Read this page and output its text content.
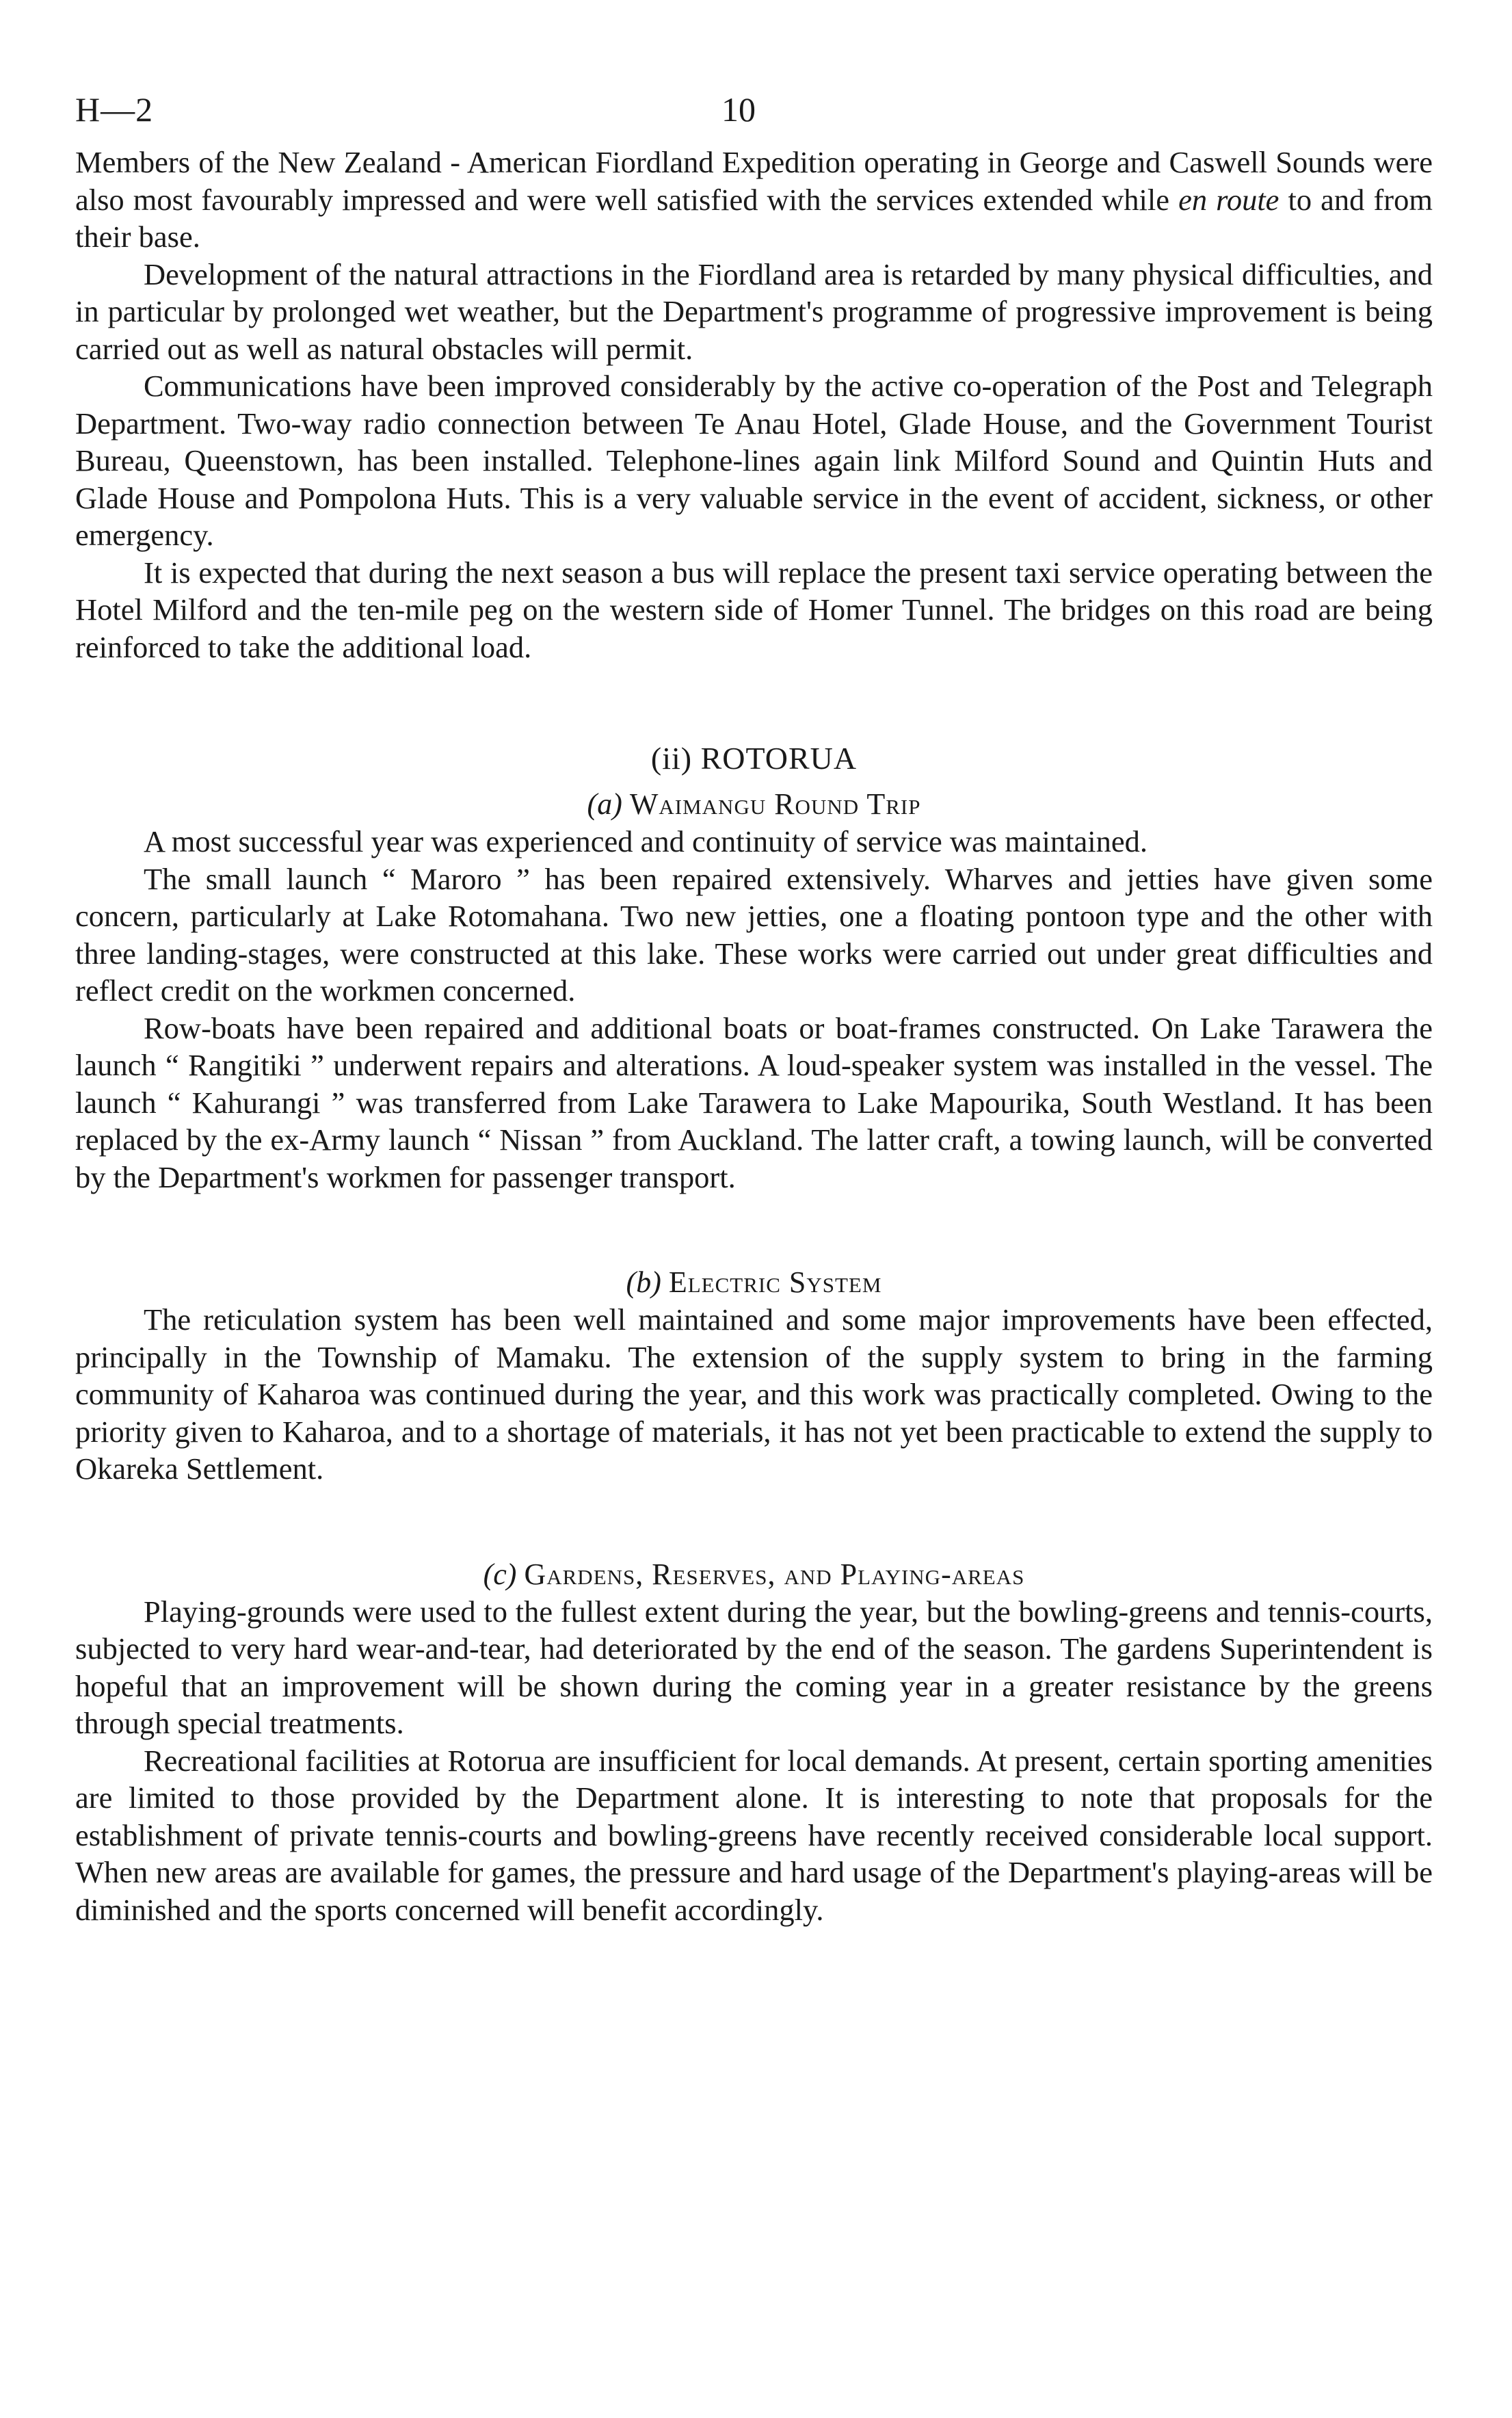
H—2	10

Members of the New Zealand - American Fiordland Expedition operating in George and Caswell Sounds were also most favourably impressed and were well satisfied with the services extended while en route to and from their base.

Development of the natural attractions in the Fiordland area is retarded by many physical difficulties, and in particular by prolonged wet weather, but the Department's programme of progressive improvement is being carried out as well as natural obstacles will permit.

Communications have been improved considerably by the active co-operation of the Post and Telegraph Department. Two-way radio connection between Te Anau Hotel, Glade House, and the Government Tourist Bureau, Queenstown, has been installed. Telephone-lines again link Milford Sound and Quintin Huts and Glade House and Pompolona Huts. This is a very valuable service in the event of accident, sickness, or other emergency.

It is expected that during the next season a bus will replace the present taxi service operating between the Hotel Milford and the ten-mile peg on the western side of Homer Tunnel. The bridges on this road are being reinforced to take the additional load.

(ii) ROTORUA
(a) Waimangu Round Trip

A most successful year was experienced and continuity of service was maintained.

The small launch “ Maroro ” has been repaired extensively. Wharves and jetties have given some concern, particularly at Lake Rotomahana. Two new jetties, one a floating pontoon type and the other with three landing-stages, were constructed at this lake. These works were carried out under great difficulties and reflect credit on the workmen concerned.

Row-boats have been repaired and additional boats or boat-frames constructed. On Lake Tarawera the launch “ Rangitiki ” underwent repairs and alterations. A loud-speaker system was installed in the vessel. The launch “ Kahurangi ” was transferred from Lake Tarawera to Lake Mapourika, South Westland. It has been replaced by the ex-Army launch “ Nissan ” from Auckland. The latter craft, a towing launch, will be converted by the Department's workmen for passenger transport.

(b) Electric System

The reticulation system has been well maintained and some major improvements have been effected, principally in the Township of Mamaku. The extension of the supply system to bring in the farming community of Kaharoa was continued during the year, and this work was practically completed. Owing to the priority given to Kaharoa, and to a shortage of materials, it has not yet been practicable to extend the supply to Okareka Settlement.

(c) Gardens, Reserves, and Playing-areas

Playing-grounds were used to the fullest extent during the year, but the bowling-greens and tennis-courts, subjected to very hard wear-and-tear, had deteriorated by the end of the season. The gardens Superintendent is hopeful that an improvement will be shown during the coming year in a greater resistance by the greens through special treatments.

Recreational facilities at Rotorua are insufficient for local demands. At present, certain sporting amenities are limited to those provided by the Department alone. It is interesting to note that proposals for the establishment of private tennis-courts and bowling-greens have recently received considerable local support. When new areas are available for games, the pressure and hard usage of the Department's playing-areas will be diminished and the sports concerned will benefit accordingly.
